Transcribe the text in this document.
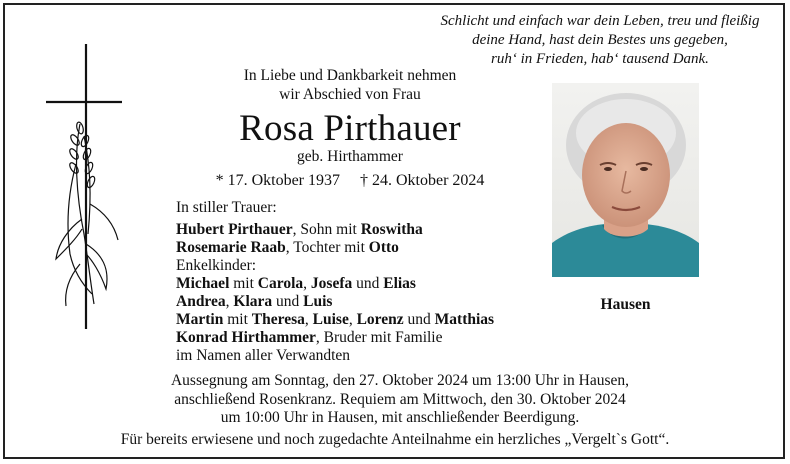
Schlicht und einfach war dein Leben, treu und fleißig
deine Hand, hast dein Bestes uns gegeben,
ruh‘ in Frieden, hab‘ tausend Dank.
In Liebe und Dankbarkeit nehmen
wir Abschied von Frau
Rosa Pirthauer
geb. Hirthammer
* 17. Oktober 1937 † 24. Oktober 2024
In stiller Trauer:
Hubert Pirthauer, Sohn mit Roswitha
Rosemarie Raab, Tochter mit Otto
Enkelkinder:
Michael mit Carola, Josefa und Elias
Andrea, Klara und Luis
Martin mit Theresa, Luise, Lorenz und Matthias
Konrad Hirthammer, Bruder mit Familie
im Namen aller Verwandten
Hausen
Aussegnung am Sonntag, den 27. Oktober 2024 um 13:00 Uhr in Hausen,
anschließend Rosenkranz. Requiem am Mittwoch, den 30. Oktober 2024
um 10:00 Uhr in Hausen, mit anschließender Beerdigung.
Für bereits erwiesene und noch zugedachte Anteilnahme ein herzliches „Vergelt`s Gott“.
